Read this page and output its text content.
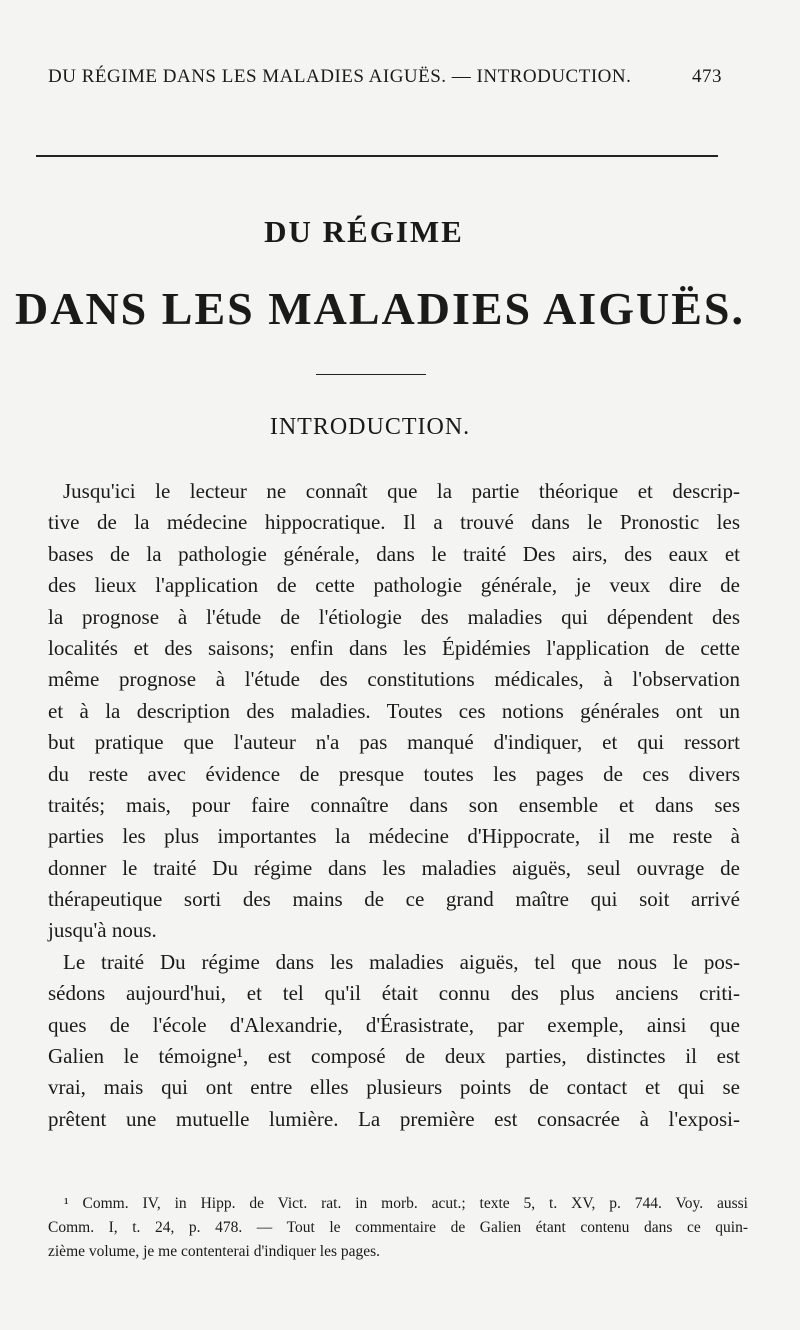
DU RÉGIME DANS LES MALADIES AIGUËS. — INTRODUCTION.	473
DU RÉGIME
DANS LES MALADIES AIGUËS.
INTRODUCTION.
Jusqu'ici le lecteur ne connaît que la partie théorique et descrip-
tive de la médecine hippocratique. Il a trouvé dans le Pronostic les
bases de la pathologie générale, dans le traité Des airs, des eaux et
des lieux l'application de cette pathologie générale, je veux dire de
la prognose à l'étude de l'étiologie des maladies qui dépendent des
localités et des saisons; enfin dans les Épidémies l'application de cette
même prognose à l'étude des constitutions médicales, à l'observation
et à la description des maladies. Toutes ces notions générales ont un
but pratique que l'auteur n'a pas manqué d'indiquer, et qui ressort
du reste avec évidence de presque toutes les pages de ces divers
traités; mais, pour faire connaître dans son ensemble et dans ses
parties les plus importantes la médecine d'Hippocrate, il me reste à
donner le traité Du régime dans les maladies aiguës, seul ouvrage de
thérapeutique sorti des mains de ce grand maître qui soit arrivé
jusqu'à nous.
Le traité Du régime dans les maladies aiguës, tel que nous le pos-
sédons aujourd'hui, et tel qu'il était connu des plus anciens criti-
ques de l'école d'Alexandrie, d'Érasistrate, par exemple, ainsi que
Galien le témoigne¹, est composé de deux parties, distinctes il est
vrai, mais qui ont entre elles plusieurs points de contact et qui se
prêtent une mutuelle lumière. La première est consacrée à l'exposi-
¹ Comm. IV, in Hipp. de Vict. rat. in morb. acut.; texte 5, t. XV, p. 744. Voy. aussi
Comm. I, t. 24, p. 478. — Tout le commentaire de Galien étant contenu dans ce quin-
zième volume, je me contenterai d'indiquer les pages.
